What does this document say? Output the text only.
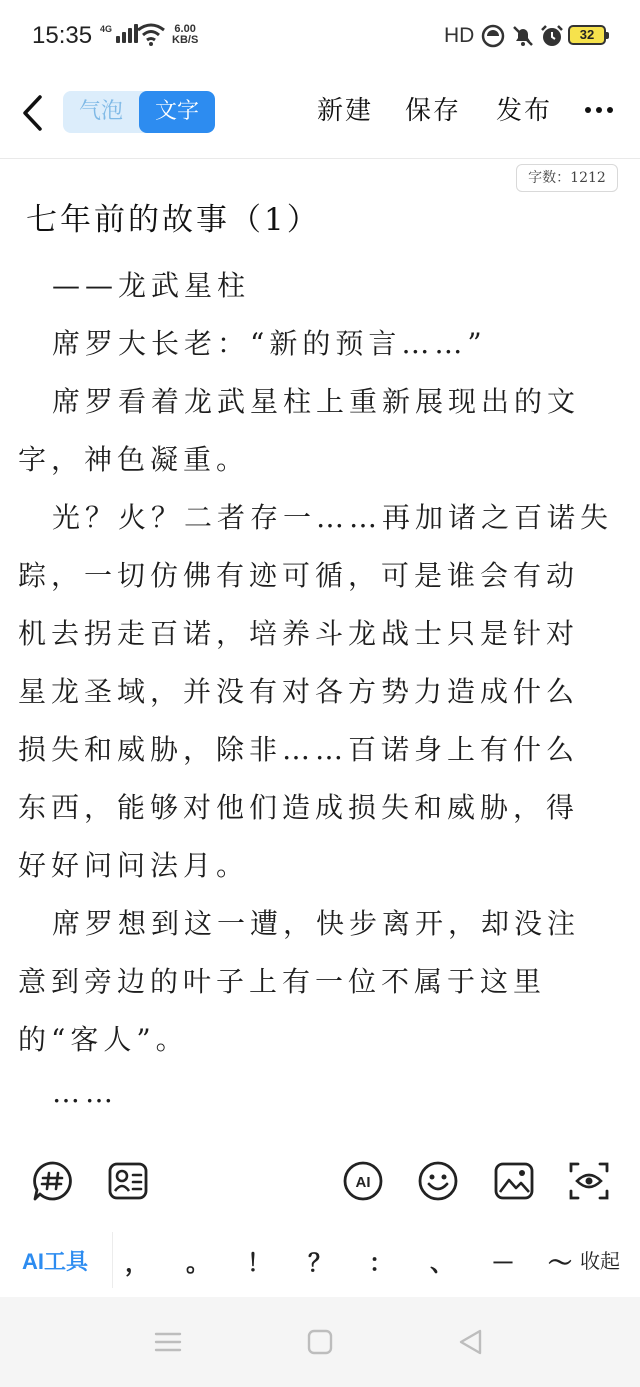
15:35 4G	6.00
KB/S	HD	32
气泡	文字	新建 保存 发布
字数：1212
七年前的故事（1）
——龙武星柱
席罗大长老：“新的预言……”
席罗看着龙武星柱上重新展现出的文
字，神色凝重。
光？火？二者存一……再加诸之百诺失
踪，一切仿佛有迹可循，可是谁会有动
机去拐走百诺，培养斗龙战士只是针对
星龙圣域，并没有对各方势力造成什么
损失和威胁，除非……百诺身上有什么
东西，能够对他们造成损失和威胁，得
好好问问法月。
席罗想到这一遭，快步离开，却没注
意到旁边的叶子上有一位不属于这里
的“客人”。
……
AI
AI工具	，	。	！	？	：	、	－	～ 收起
